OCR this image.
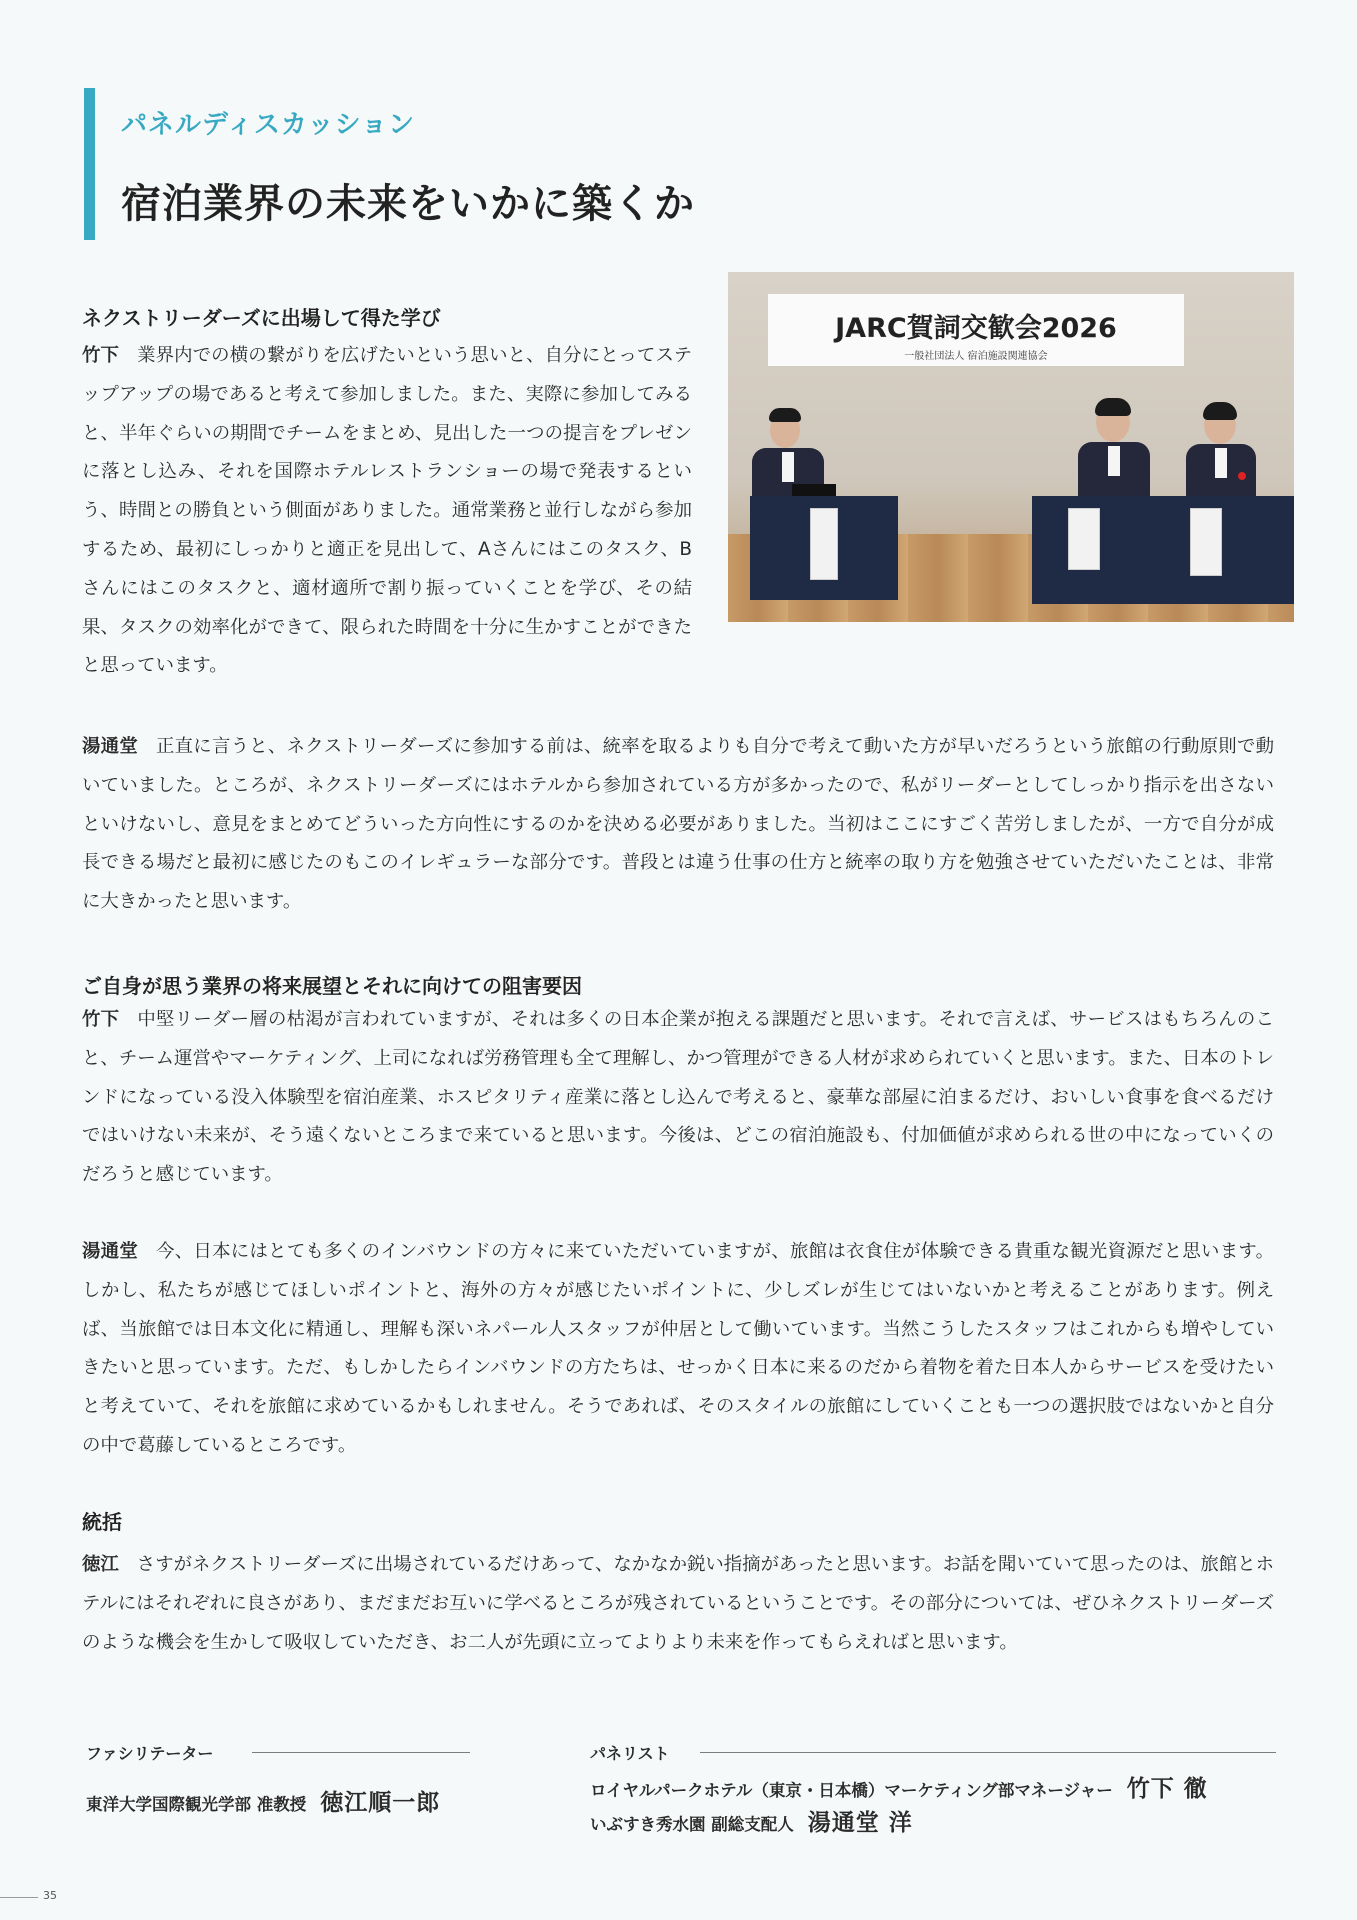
パネルディスカッション
宿泊業界の未来をいかに築くか
ネクストリーダーズに出場して得た学び
竹下 業界内での横の繋がりを広げたいという思いと、自分にとってステップアップの場であると考えて参加しました。また、実際に参加してみると、半年ぐらいの期間でチームをまとめ、見出した一つの提言をプレゼンに落とし込み、それを国際ホテルレストランショーの場で発表するという、時間との勝負という側面がありました。通常業務と並行しながら参加するため、最初にしっかりと適正を見出して、Aさんにはこのタスク、Bさんにはこのタスクと、適材適所で割り振っていくことを学び、その結果、タスクの効率化ができて、限られた時間を十分に生かすことができたと思っています。
JARC賀詞交歓会2026
一般社団法人 宿泊施設関連協会
湯通堂 正直に言うと、ネクストリーダーズに参加する前は、統率を取るよりも自分で考えて動いた方が早いだろうという旅館の行動原則で動いていました。ところが、ネクストリーダーズにはホテルから参加されている方が多かったので、私がリーダーとしてしっかり指示を出さないといけないし、意見をまとめてどういった方向性にするのかを決める必要がありました。当初はここにすごく苦労しましたが、一方で自分が成長できる場だと最初に感じたのもこのイレギュラーな部分です。普段とは違う仕事の仕方と統率の取り方を勉強させていただいたことは、非常に大きかったと思います。
ご自身が思う業界の将来展望とそれに向けての阻害要因
竹下 中堅リーダー層の枯渇が言われていますが、それは多くの日本企業が抱える課題だと思います。それで言えば、サービスはもちろんのこと、チーム運営やマーケティング、上司になれば労務管理も全て理解し、かつ管理ができる人材が求められていくと思います。また、日本のトレンドになっている没入体験型を宿泊産業、ホスピタリティ産業に落とし込んで考えると、豪華な部屋に泊まるだけ、おいしい食事を食べるだけではいけない未来が、そう遠くないところまで来ていると思います。今後は、どこの宿泊施設も、付加価値が求められる世の中になっていくのだろうと感じています。
湯通堂 今、日本にはとても多くのインバウンドの方々に来ていただいていますが、旅館は衣食住が体験できる貴重な観光資源だと思います。しかし、私たちが感じてほしいポイントと、海外の方々が感じたいポイントに、少しズレが生じてはいないかと考えることがあります。例えば、当旅館では日本文化に精通し、理解も深いネパール人スタッフが仲居として働いています。当然こうしたスタッフはこれからも増やしていきたいと思っています。ただ、もしかしたらインバウンドの方たちは、せっかく日本に来るのだから着物を着た日本人からサービスを受けたいと考えていて、それを旅館に求めているかもしれません。そうであれば、そのスタイルの旅館にしていくことも一つの選択肢ではないかと自分の中で葛藤しているところです。
統括
徳江 さすがネクストリーダーズに出場されているだけあって、なかなか鋭い指摘があったと思います。お話を聞いていて思ったのは、旅館とホテルにはそれぞれに良さがあり、まだまだお互いに学べるところが残されているということです。その部分については、ぜひネクストリーダーズのような機会を生かして吸収していただき、お二人が先頭に立ってよりより未来を作ってもらえればと思います。
ファシリテーター
東洋大学国際観光学部 准教授 徳江順一郎
パネリスト
ロイヤルパークホテル（東京・日本橋）マーケティング部マネージャー 竹下 徹
いぶすき秀水園 副総支配人 湯通堂 洋
35
